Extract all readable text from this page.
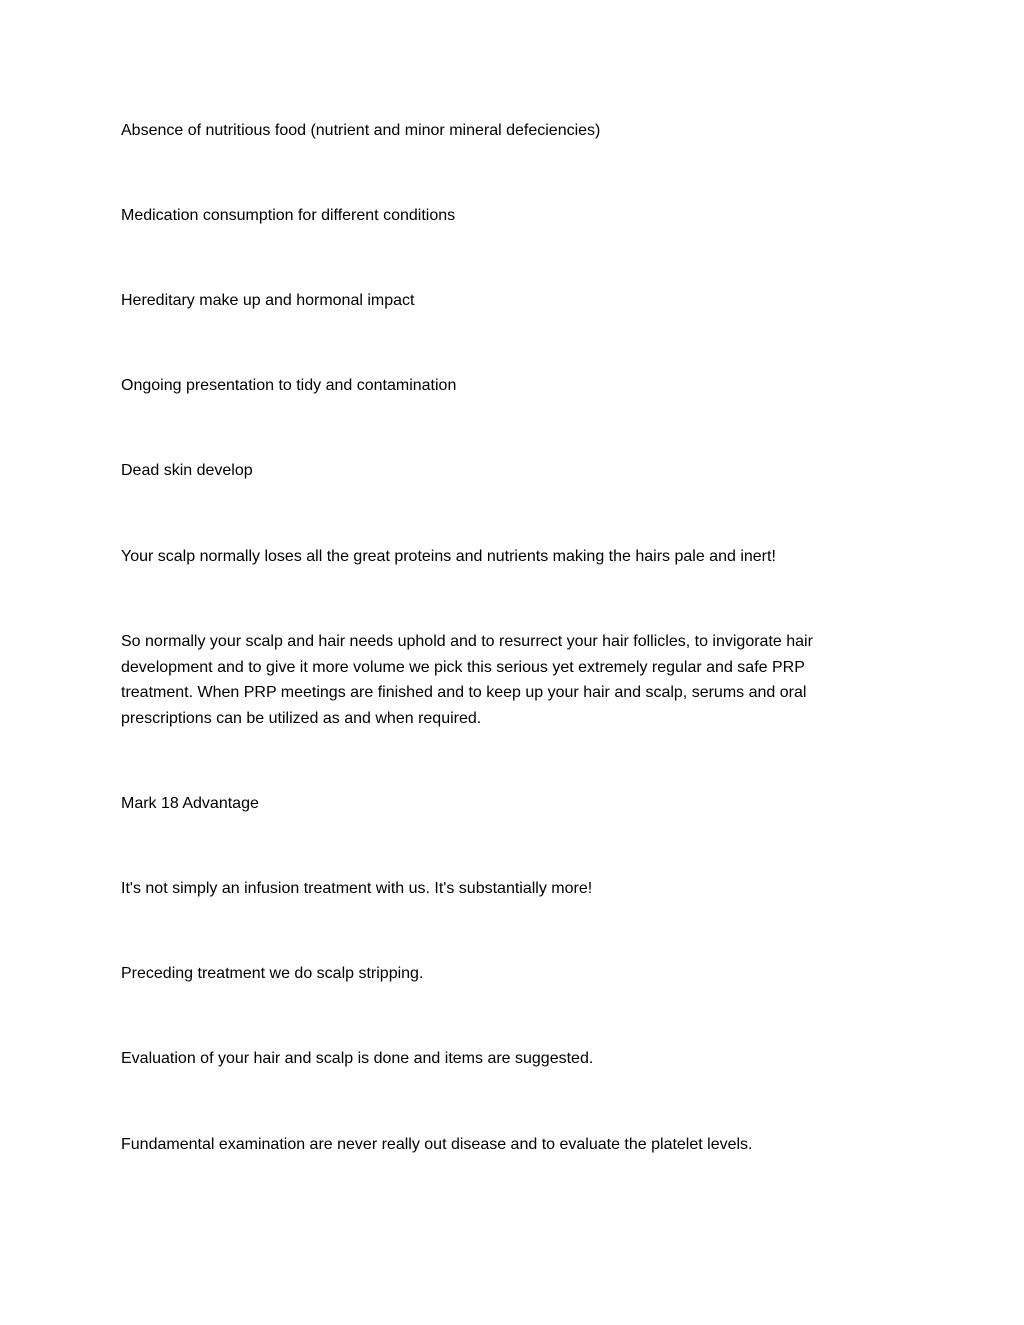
Absence of nutritious food (nutrient and minor mineral defeciencies)

Medication consumption for different conditions

Hereditary make up and hormonal impact

Ongoing presentation to tidy and contamination

Dead skin develop

Your scalp normally loses all the great proteins and nutrients making the hairs pale and inert!

So normally your scalp and hair needs uphold and to resurrect your hair follicles, to invigorate hair development and to give it more volume we pick this serious yet extremely regular and safe PRP treatment. When PRP meetings are finished and to keep up your hair and scalp, serums and oral prescriptions can be utilized as and when required.

Mark 18 Advantage

It's not simply an infusion treatment with us. It's substantially more!

Preceding treatment we do scalp stripping.

Evaluation of your hair and scalp is done and items are suggested.

Fundamental examination are never really out disease and to evaluate the platelet levels.
